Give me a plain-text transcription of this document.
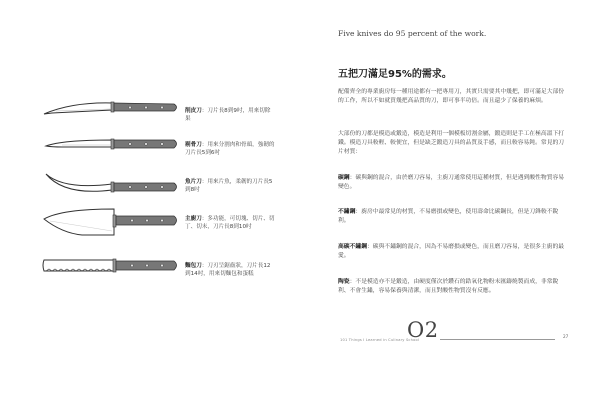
削皮刀：刀片長8到9吋，用來切除果
剔骨刀：用來分割肉和骨頭，強韌的刀片長5到6吋
魚片刀：用來片魚，柔韌的刀片長5到8吋
主廚刀：多功能，可切塊、切片、切丁、切末，刀片長8到10吋
麵包刀：刀刃呈鋸齒狀，刀片長12到14吋，用來切麵包和蛋糕
Five knives do 95 percent of the work.
五把刀滿足95%的需求。

配備齊全的專業廚房每一種用途都有一把專用刀，其實只需要其中幾把，即可滿足大部份的工作，所以不如就買幾把高品質的刀，即可事半功倍。而且還少了保養的麻煩。

大部份的刀都是模造或鍛造，模造是利用一個模板切割金屬，鍛造則是手工在極高溫下打鐵。模造刀具較輕、較便宜，但是缺乏鍛造刀具的品質及手感，而且較容易鈍。常見的刀片材質：

碳鋼：碳與鋼的混合，由於磨刀容易，主廚刀通常使用這種材質，但是遇到酸性物質容易變色。

不鏽鋼：廚房中最常見的材質，不易磨損或變色，使用壽命比碳鋼長，但是刀鋒較不銳利。

高碳不鏽鋼：碳與不鏽鋼的混合，因為不易磨損或變色，而且磨刀容易，是很多主廚的最愛。

陶瓷：不是模造亦不是鍛造，由硬度僅次於鑽石的鋯氧化物粉末匯鑄燒製而成，非常銳利、不會生鏽，容易保養與清潔，而且對酸性物質沒有反應。

101 Things I Learned in Culinary School
O2	27
